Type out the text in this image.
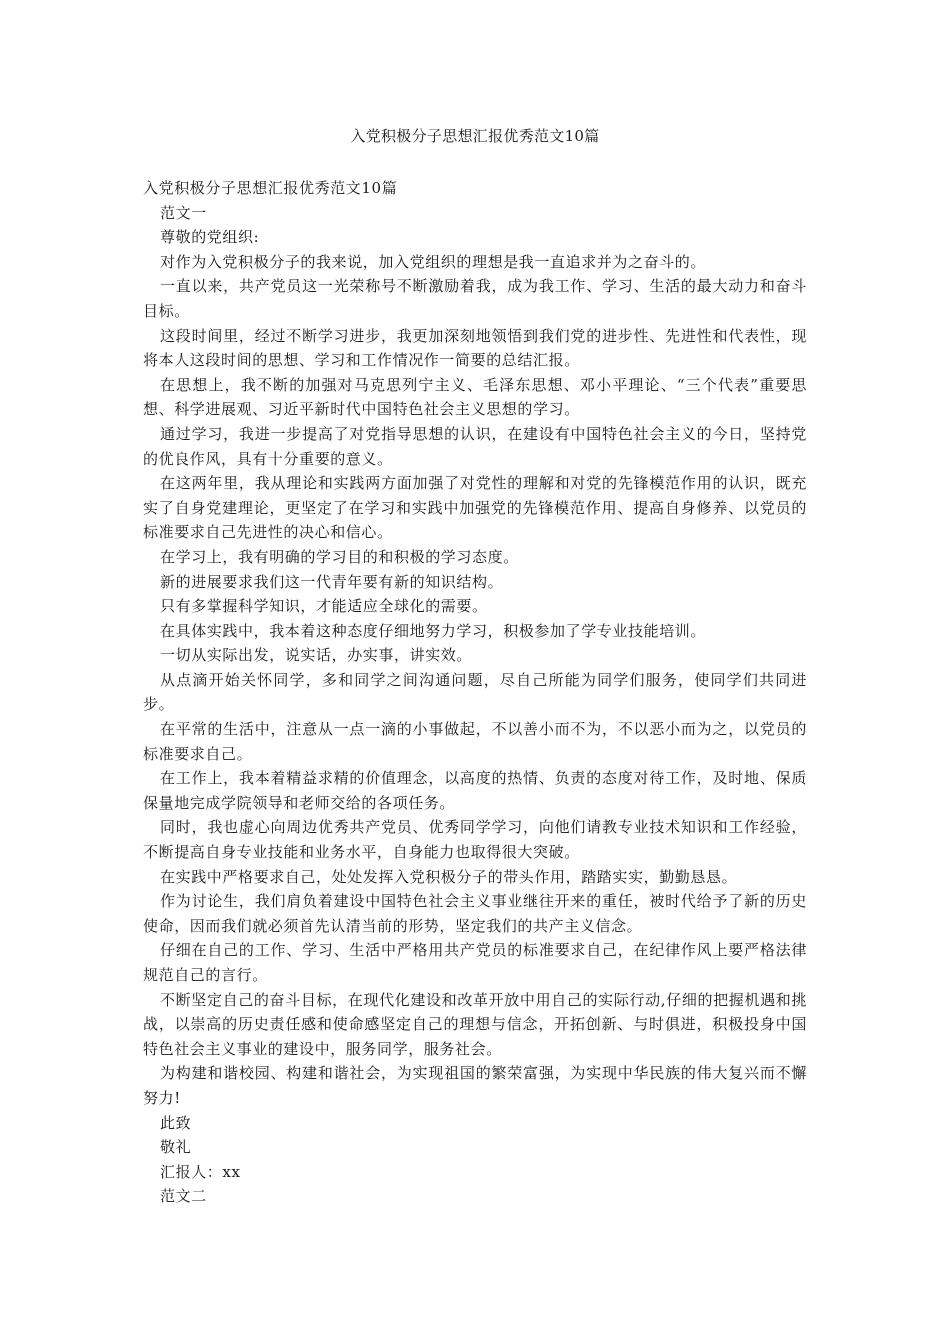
入党积极分子思想汇报优秀范文10篇

入党积极分子思想汇报优秀范文10篇

范文一

尊敬的党组织:

对作为入党积极分子的我来说，加入党组织的理想是我一直追求并为之奋斗的。

一直以来，共产党员这一光荣称号不断激励着我，成为我工作、学习、生活的最大动力和奋斗目标。

这段时间里，经过不断学习进步，我更加深刻地领悟到我们党的进步性、先进性和代表性，现将本人这段时间的思想、学习和工作情况作一简要的总结汇报。

在思想上，我不断的加强对马克思列宁主义、毛泽东思想、邓小平理论、“三个代表”重要思想、科学进展观、习近平新时代中国特色社会主义思想的学习。

通过学习，我进一步提高了对党指导思想的认识，在建设有中国特色社会主义的今日，坚持党的优良作风，具有十分重要的意义。

在这两年里，我从理论和实践两方面加强了对党性的理解和对党的先锋模范作用的认识，既充实了自身党建理论，更坚定了在学习和实践中加强党的先锋模范作用、提高自身修养、以党员的标准要求自己先进性的决心和信心。

在学习上，我有明确的学习目的和积极的学习态度。

新的进展要求我们这一代青年要有新的知识结构。

只有多掌握科学知识，才能适应全球化的需要。

在具体实践中，我本着这种态度仔细地努力学习，积极参加了学专业技能培训。

一切从实际出发，说实话，办实事，讲实效。

从点滴开始关怀同学，多和同学之间沟通问题，尽自己所能为同学们服务，使同学们共同进步。

在平常的生活中，注意从一点一滴的小事做起，不以善小而不为，不以恶小而为之，以党员的标准要求自己。

在工作上，我本着精益求精的价值理念，以高度的热情、负责的态度对待工作，及时地、保质保量地完成学院领导和老师交给的各项任务。

同时，我也虚心向周边优秀共产党员、优秀同学学习，向他们请教专业技术知识和工作经验，不断提高自身专业技能和业务水平，自身能力也取得很大突破。

在实践中严格要求自己，处处发挥入党积极分子的带头作用，踏踏实实，勤勤恳恳。

作为讨论生，我们肩负着建设中国特色社会主义事业继往开来的重任，被时代给予了新的历史使命，因而我们就必须首先认清当前的形势，坚定我们的共产主义信念。

仔细在自己的工作、学习、生活中严格用共产党员的标准要求自己，在纪律作风上要严格法律规范自己的言行。

不断坚定自己的奋斗目标，在现代化建设和改革开放中用自己的实际行动,仔细的把握机遇和挑战，以崇高的历史责任感和使命感坚定自己的理想与信念，开拓创新、与时俱进，积极投身中国特色社会主义事业的建设中，服务同学，服务社会。

为构建和谐校园、构建和谐社会，为实现祖国的繁荣富强，为实现中华民族的伟大复兴而不懈努力!

此致

敬礼

汇报人：xx

范文二
